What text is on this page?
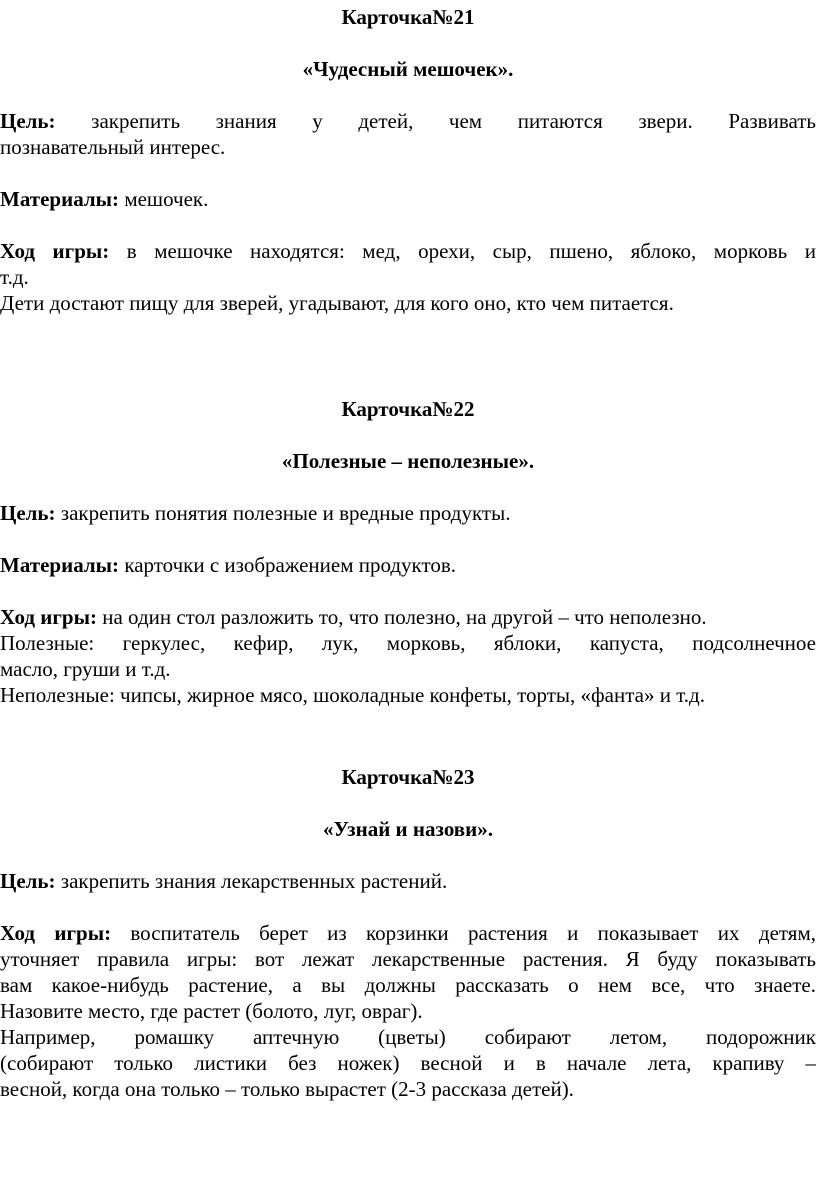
Карточка№21
«Чудесный мешочек».
Цель: закрепить знания у детей, чем питаются звери. Развивать
познавательный интерес.
Материалы: мешочек.
Ход игры: в мешочке находятся: мед, орехи, сыр, пшено, яблоко, морковь и
т.д.
Дети достают пищу для зверей, угадывают, для кого оно, кто чем питается.
Карточка№22
«Полезные – неполезные».
Цель: закрепить понятия полезные и вредные продукты.
Материалы: карточки с изображением продуктов.
Ход игры: на один стол разложить то, что полезно, на другой – что неполезно.
Полезные: геркулес, кефир, лук, морковь, яблоки, капуста, подсолнечное
масло, груши и т.д.
Неполезные: чипсы, жирное мясо, шоколадные конфеты, торты, «фанта» и т.д.
Карточка№23
«Узнай и назови».
Цель: закрепить знания лекарственных растений.
Ход игры: воспитатель берет из корзинки растения и показывает их детям,
уточняет правила игры: вот лежат лекарственные растения. Я буду показывать
вам какое-нибудь растение, а вы должны рассказать о нем все, что знаете.
Назовите место, где растет (болото, луг, овраг).
Например, ромашку аптечную (цветы) собирают летом, подорожник
(собирают только листики без ножек) весной и в начале лета, крапиву –
весной, когда она только – только вырастет (2-3 рассказа детей).
